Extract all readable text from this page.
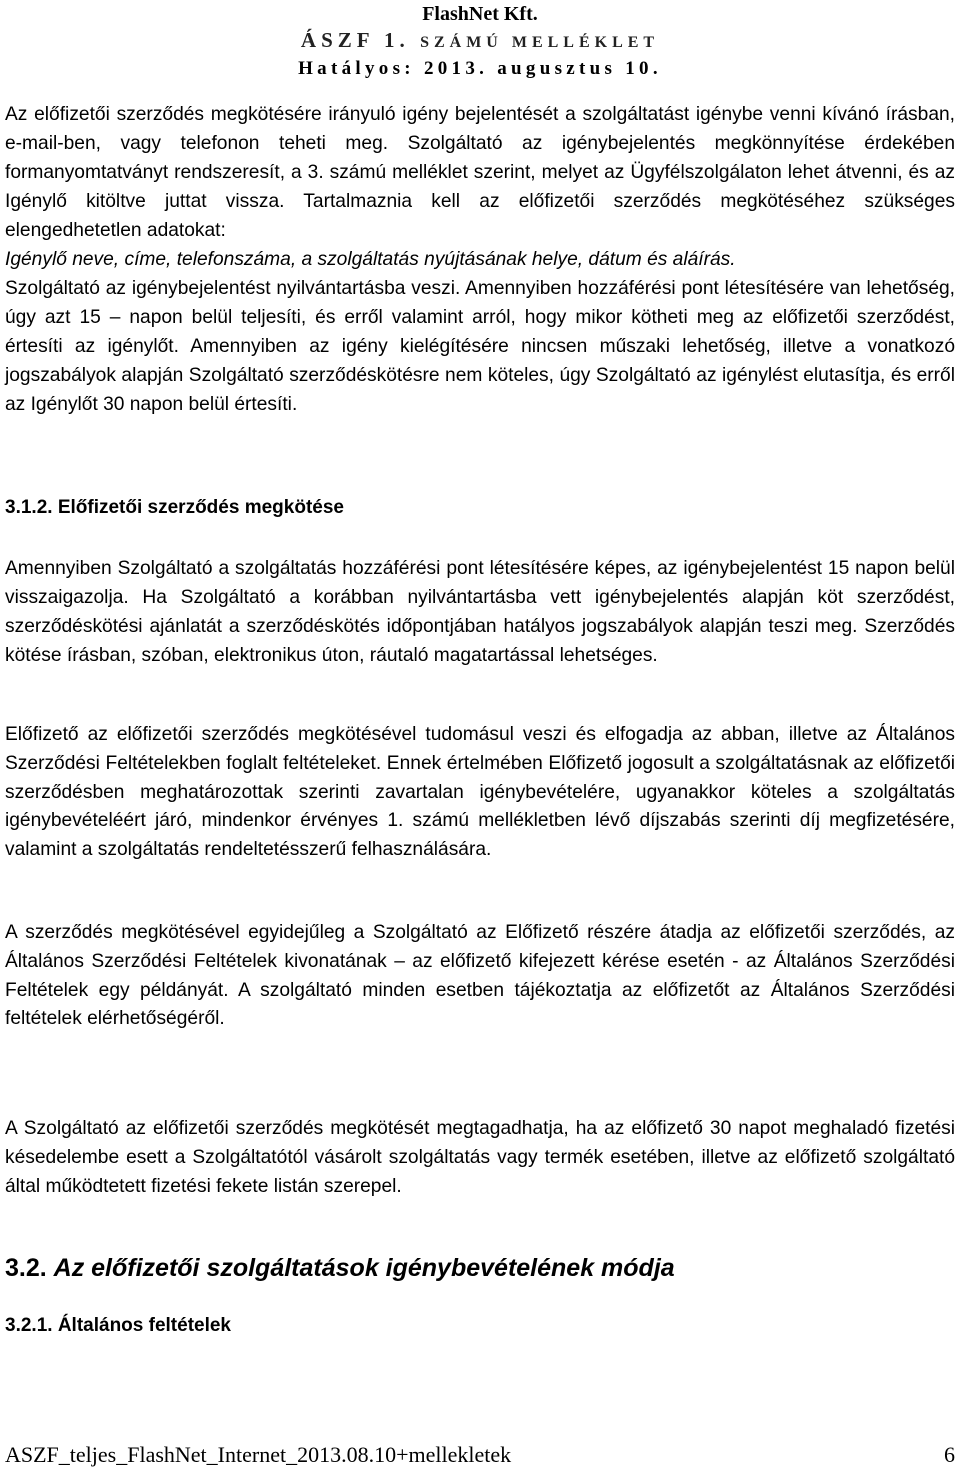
FlashNet Kft.
ÁSZF 1. SZÁMÚ MELLÉKLET
Hatályos: 2013. augusztus 10.

Az előfizetői szerződés megkötésére irányuló igény bejelentését a szolgáltatást igénybe venni kívánó írásban, e-mail-ben, vagy telefonon teheti meg. Szolgáltató az igénybejelentés megkönnyítése érdekében formanyomtatványt rendszeresít, a 3. számú melléklet szerint, melyet az Ügyfélszolgálaton lehet átvenni, és az Igénylő kitöltve juttat vissza. Tartalmaznia kell az előfizetői szerződés megkötéséhez szükséges elengedhetetlen adatokat:
Igénylő neve, címe, telefonszáma, a szolgáltatás nyújtásának helye, dátum és aláírás.
Szolgáltató az igénybejelentést nyilvántartásba veszi. Amennyiben hozzáférési pont létesítésére van lehetőség, úgy azt 15 – napon belül teljesíti, és erről valamint arról, hogy mikor kötheti meg az előfizetői szerződést, értesíti az igénylőt. Amennyiben az igény kielégítésére nincsen műszaki lehetőség, illetve a vonatkozó jogszabályok alapján Szolgáltató szerződéskötésre nem köteles, úgy Szolgáltató az igénylést elutasítja, és erről az Igénylőt 30 napon belül értesíti.

3.1.2. Előfizetői szerződés megkötése

Amennyiben Szolgáltató a szolgáltatás hozzáférési pont létesítésére képes, az igénybejelentést 15 napon belül visszaigazolja. Ha Szolgáltató a korábban nyilvántartásba vett igénybejelentés alapján köt szerződést, szerződéskötési ajánlatát a szerződéskötés időpontjában hatályos jogszabályok alapján teszi meg. Szerződés kötése írásban, szóban, elektronikus úton, ráutaló magatartással lehetséges.

Előfizető az előfizetői szerződés megkötésével tudomásul veszi és elfogadja az abban, illetve az Általános Szerződési Feltételekben foglalt feltételeket. Ennek értelmében Előfizető jogosult a szolgáltatásnak az előfizetői szerződésben meghatározottak szerinti zavartalan igénybevételére, ugyanakkor köteles a szolgáltatás igénybevételéért járó, mindenkor érvényes 1. számú mellékletben lévő díjszabás szerinti díj megfizetésére, valamint a szolgáltatás rendeltetésszerű felhasználására.

A szerződés megkötésével egyidejűleg a Szolgáltató az Előfizető részére átadja az előfizetői szerződés, az Általános Szerződési Feltételek kivonatának – az előfizető kifejezett kérése esetén - az Általános Szerződési Feltételek egy példányát. A szolgáltató minden esetben tájékoztatja az előfizetőt az Általános Szerződési feltételek elérhetőségéről.

A Szolgáltató az előfizetői szerződés megkötését megtagadhatja, ha az előfizető 30 napot meghaladó fizetési késedelembe esett a Szolgáltatótól vásárolt szolgáltatás vagy termék esetében, illetve az előfizető szolgáltató által működtetett fizetési fekete listán szerepel.

3.2. Az előfizetői szolgáltatások igénybevételének módja
3.2.1. Általános feltételek
ASZF_teljes_FlashNet_Internet_2013.08.10+mellekletek	6
